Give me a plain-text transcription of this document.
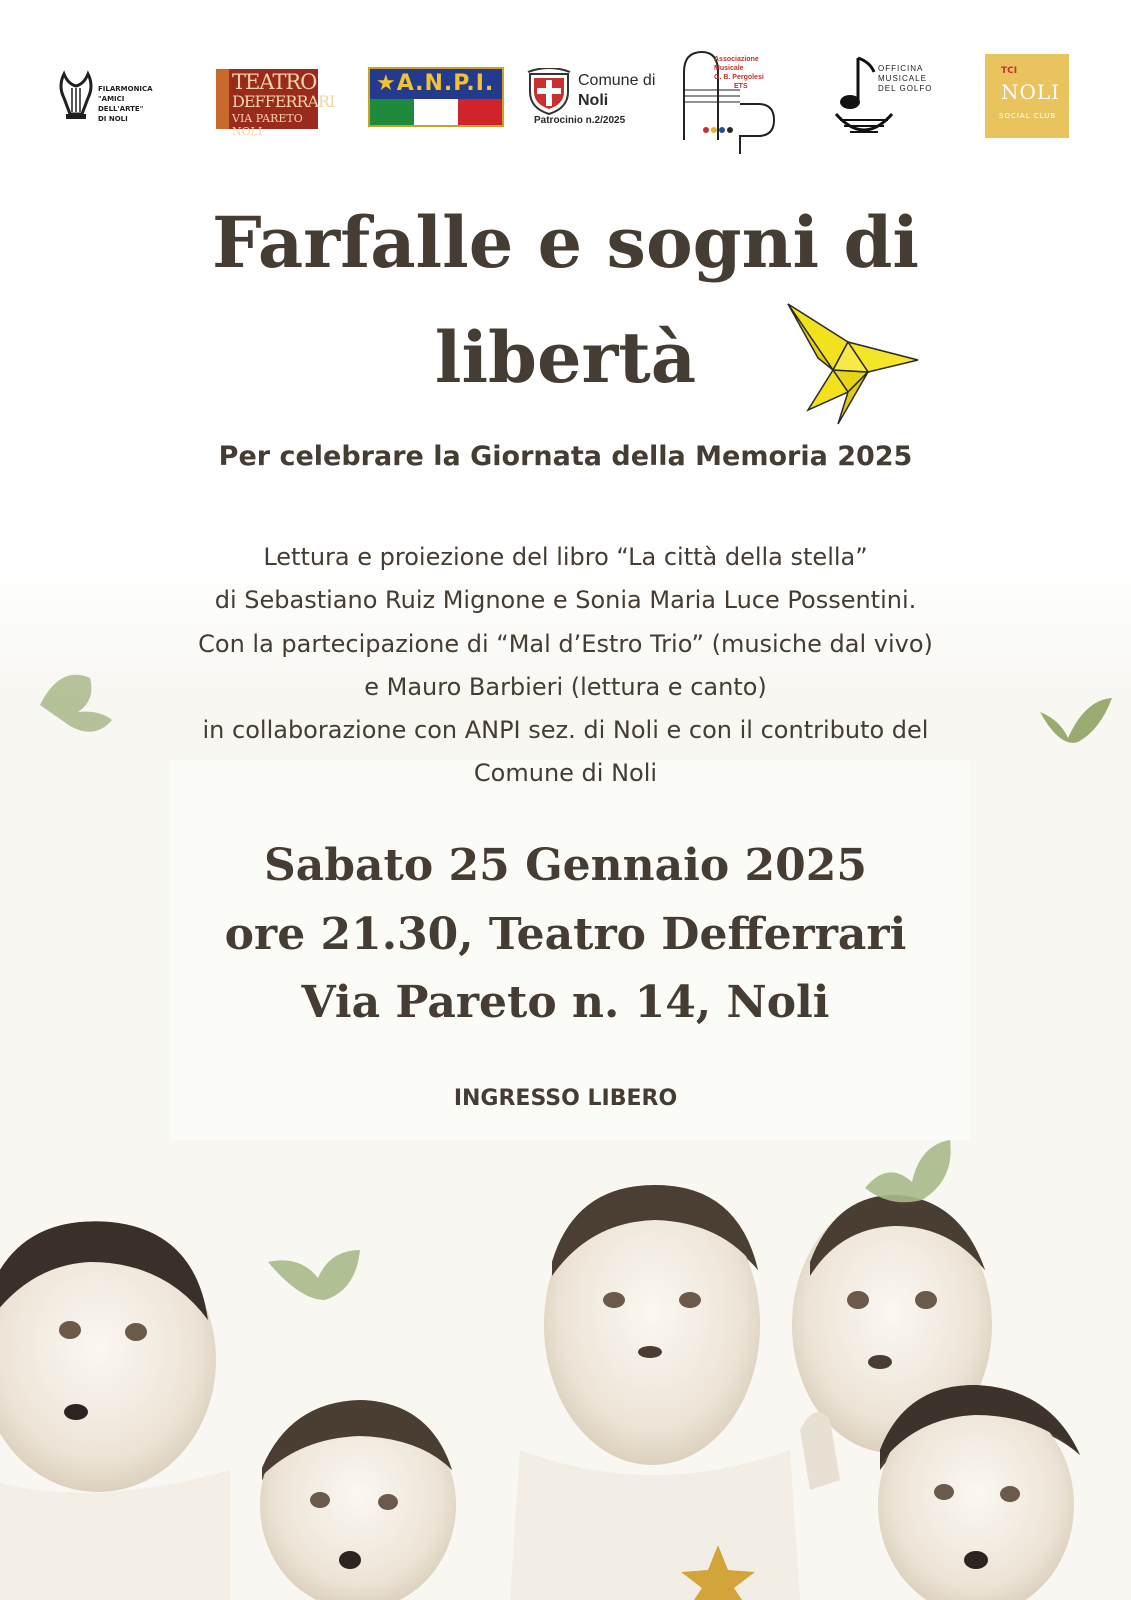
FILARMONICA
"AMICI DELL'ARTE"
DI NOLI
TEATRO
DEFFERRARI
VIA PARETO NOLI
★A.N.P.I.	Comune di
Noli
Patrocinio n.2/2025
Associazione
Musicale
G. B. Pergolesi
ETS
OFFICINA
MUSICALE
DEL GOLFO
TCI
NOLI
SOCIAL CLUB
Farfalle e sogni di
libertà

Per celebrare la Giornata della Memoria 2025

Lettura e proiezione del libro “La città della stella”
di Sebastiano Ruiz Mignone e Sonia Maria Luce Possentini.
Con la partecipazione di “Mal d’Estro Trio” (musiche dal vivo)
e Mauro Barbieri (lettura e canto)
in collaborazione con ANPI sez. di Noli e con il contributo del
Comune di Noli
Sabato 25 Gennaio 2025
ore 21.30, Teatro Defferrari
Via Pareto n. 14, Noli
INGRESSO LIBERO
